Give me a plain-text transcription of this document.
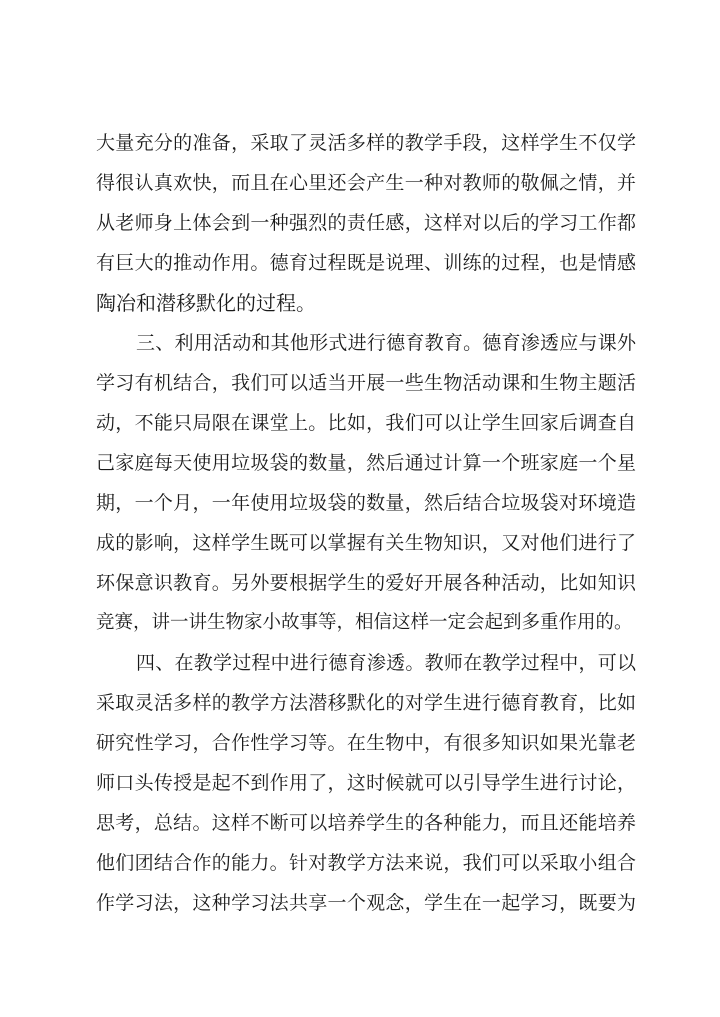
大量充分的准备，采取了灵活多样的教学手段，这样学生不仅学
得很认真欢快，而且在心里还会产生一种对教师的敬佩之情，并
从老师身上体会到一种强烈的责任感，这样对以后的学习工作都
有巨大的推动作用。德育过程既是说理、训练的过程，也是情感
陶冶和潜移默化的过程。
三、利用活动和其他形式进行德育教育。德育渗透应与课外
学习有机结合，我们可以适当开展一些生物活动课和生物主题活
动，不能只局限在课堂上。比如，我们可以让学生回家后调查自
己家庭每天使用垃圾袋的数量，然后通过计算一个班家庭一个星
期，一个月，一年使用垃圾袋的数量，然后结合垃圾袋对环境造
成的影响，这样学生既可以掌握有关生物知识，又对他们进行了
环保意识教育。另外要根据学生的爱好开展各种活动，比如知识
竞赛，讲一讲生物家小故事等，相信这样一定会起到多重作用的。
四、在教学过程中进行德育渗透。教师在教学过程中，可以
采取灵活多样的教学方法潜移默化的对学生进行德育教育，比如
研究性学习，合作性学习等。在生物中，有很多知识如果光靠老
师口头传授是起不到作用了，这时候就可以引导学生进行讨论，
思考，总结。这样不断可以培养学生的各种能力，而且还能培养
他们团结合作的能力。针对教学方法来说，我们可以采取小组合
作学习法，这种学习法共享一个观念，学生在一起学习，既要为
